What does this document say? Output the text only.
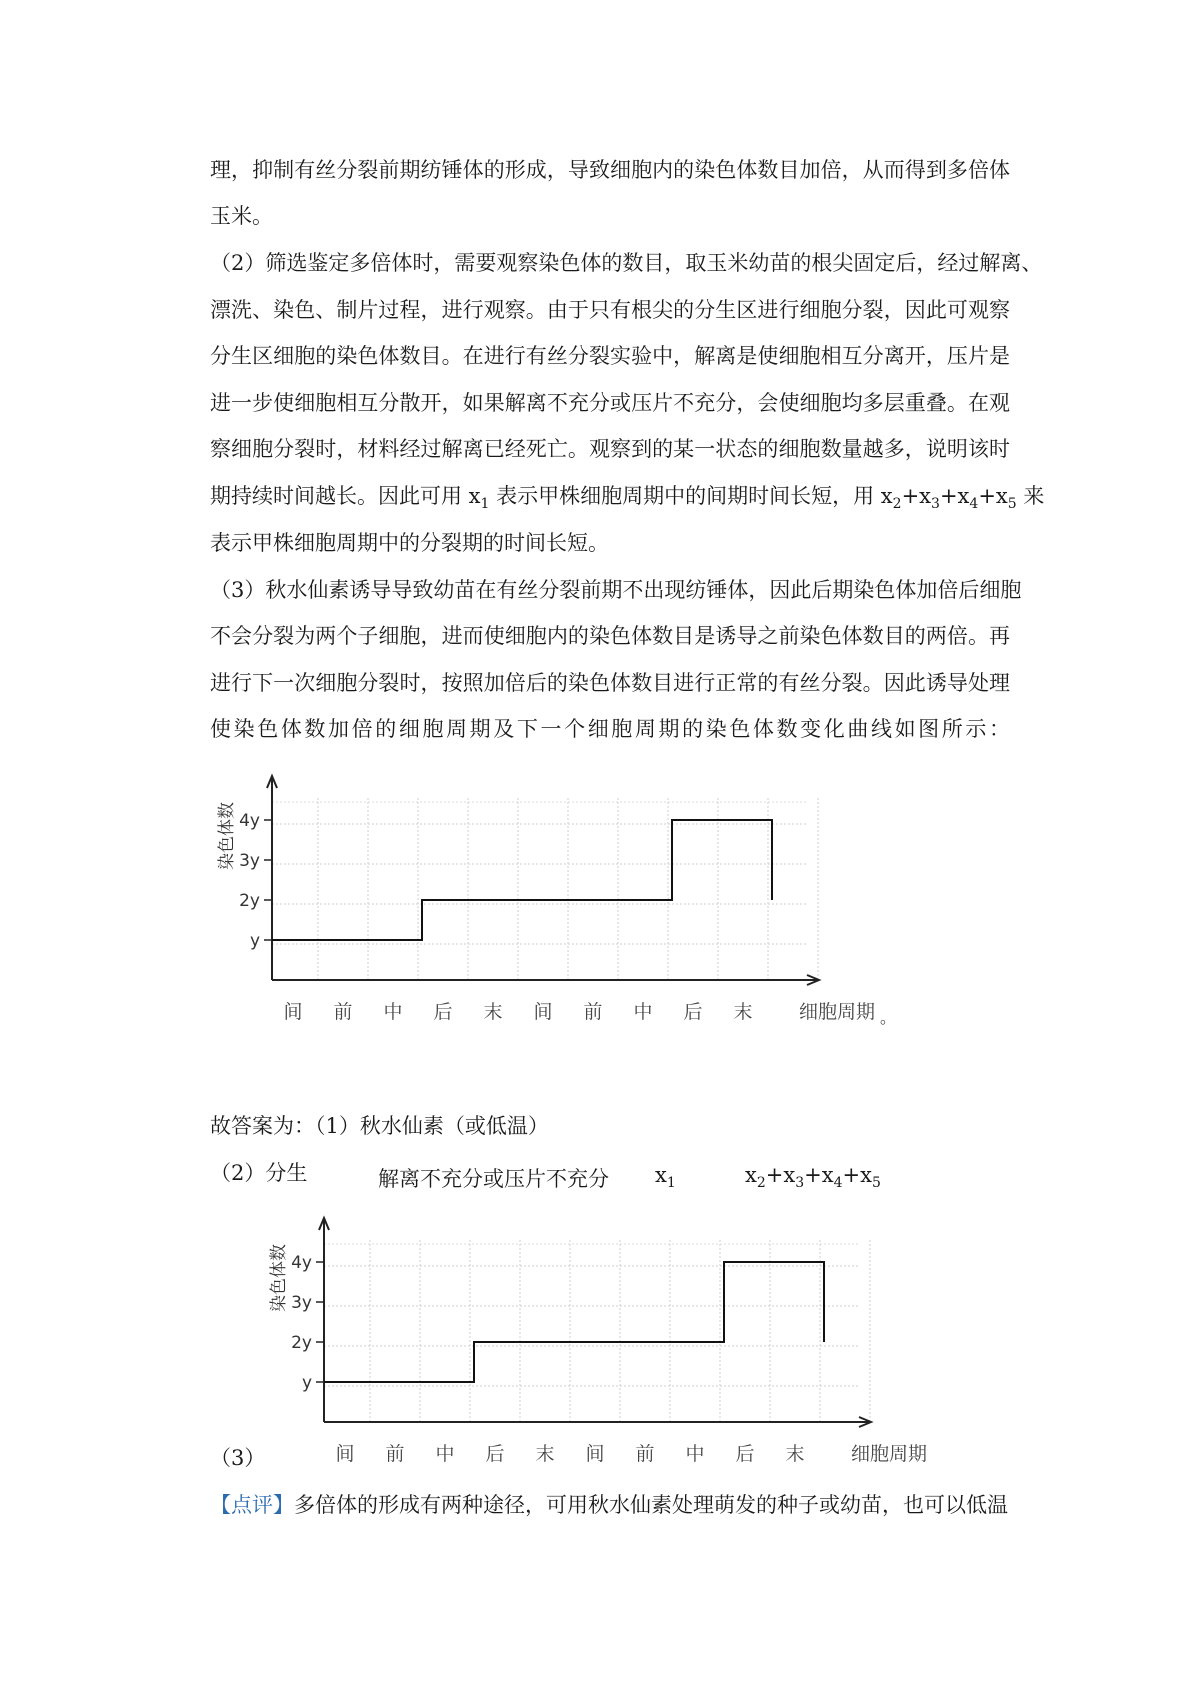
理，抑制有丝分裂前期纺锤体的形成，导致细胞内的染色体数目加倍，从而得到多倍体
玉米。
（2）筛选鉴定多倍体时，需要观察染色体的数目，取玉米幼苗的根尖固定后，经过解离、
漂洗、染色、制片过程，进行观察。由于只有根尖的分生区进行细胞分裂，因此可观察
分生区细胞的染色体数目。在进行有丝分裂实验中，解离是使细胞相互分离开，压片是
进一步使细胞相互分散开，如果解离不充分或压片不充分，会使细胞均多层重叠。在观
察细胞分裂时，材料经过解离已经死亡。观察到的某一状态的细胞数量越多，说明该时
期持续时间越长。因此可用 $x_1$ 表示甲株细胞周期中的间期时间长短，用 $x_2+x_3+x_4+x_5$ 来
表示甲株细胞周期中的分裂期的时间长短。
（3）秋水仙素诱导导致幼苗在有丝分裂前期不出现纺锤体，因此后期染色体加倍后细胞
不会分裂为两个子细胞，进而使细胞内的染色体数目是诱导之前染色体数目的两倍。再
进行下一次细胞分裂时，按照加倍后的染色体数目进行正常的有丝分裂。因此诱导处理
使染色体数加倍的细胞周期及下一个细胞周期的染色体数变化曲线如图所示：
y
2y
3y
4y
染色体数
间 前 中 后 末 间 前 中 后 末 细胞周期 。
故答案为：（1）秋水仙素（或低温）
（2）分生	解离不充分或压片不充分 $x_1$	$x_2+x_3+x_4+x_5$
y
2y
3y
4y
染色体数
间 前 中 后 末 间 前 中 后 末 细胞周期
（3）
【点评】多倍体的形成有两种途径，可用秋水仙素处理萌发的种子或幼苗，也可以低温
